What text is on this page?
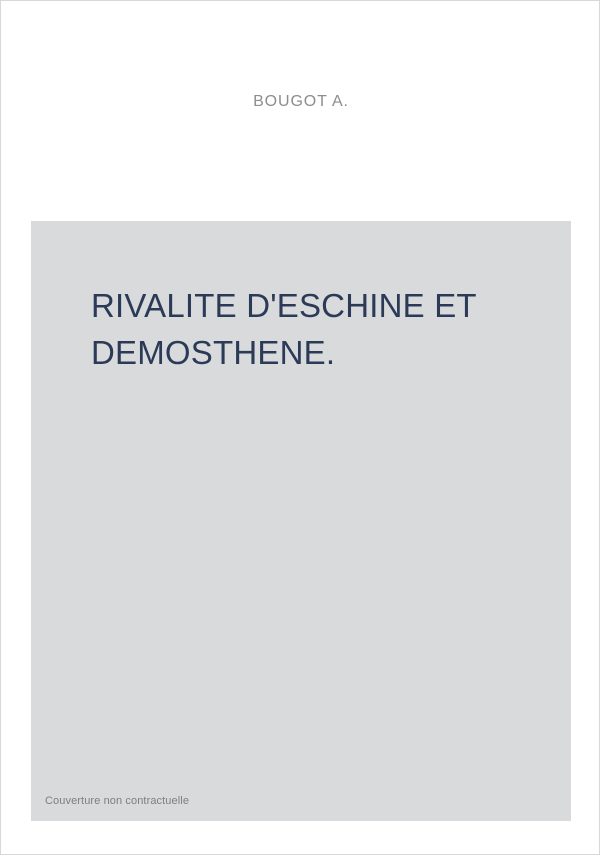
BOUGOT A.
RIVALITE D'ESCHINE ET DEMOSTHENE.
Couverture non contractuelle
